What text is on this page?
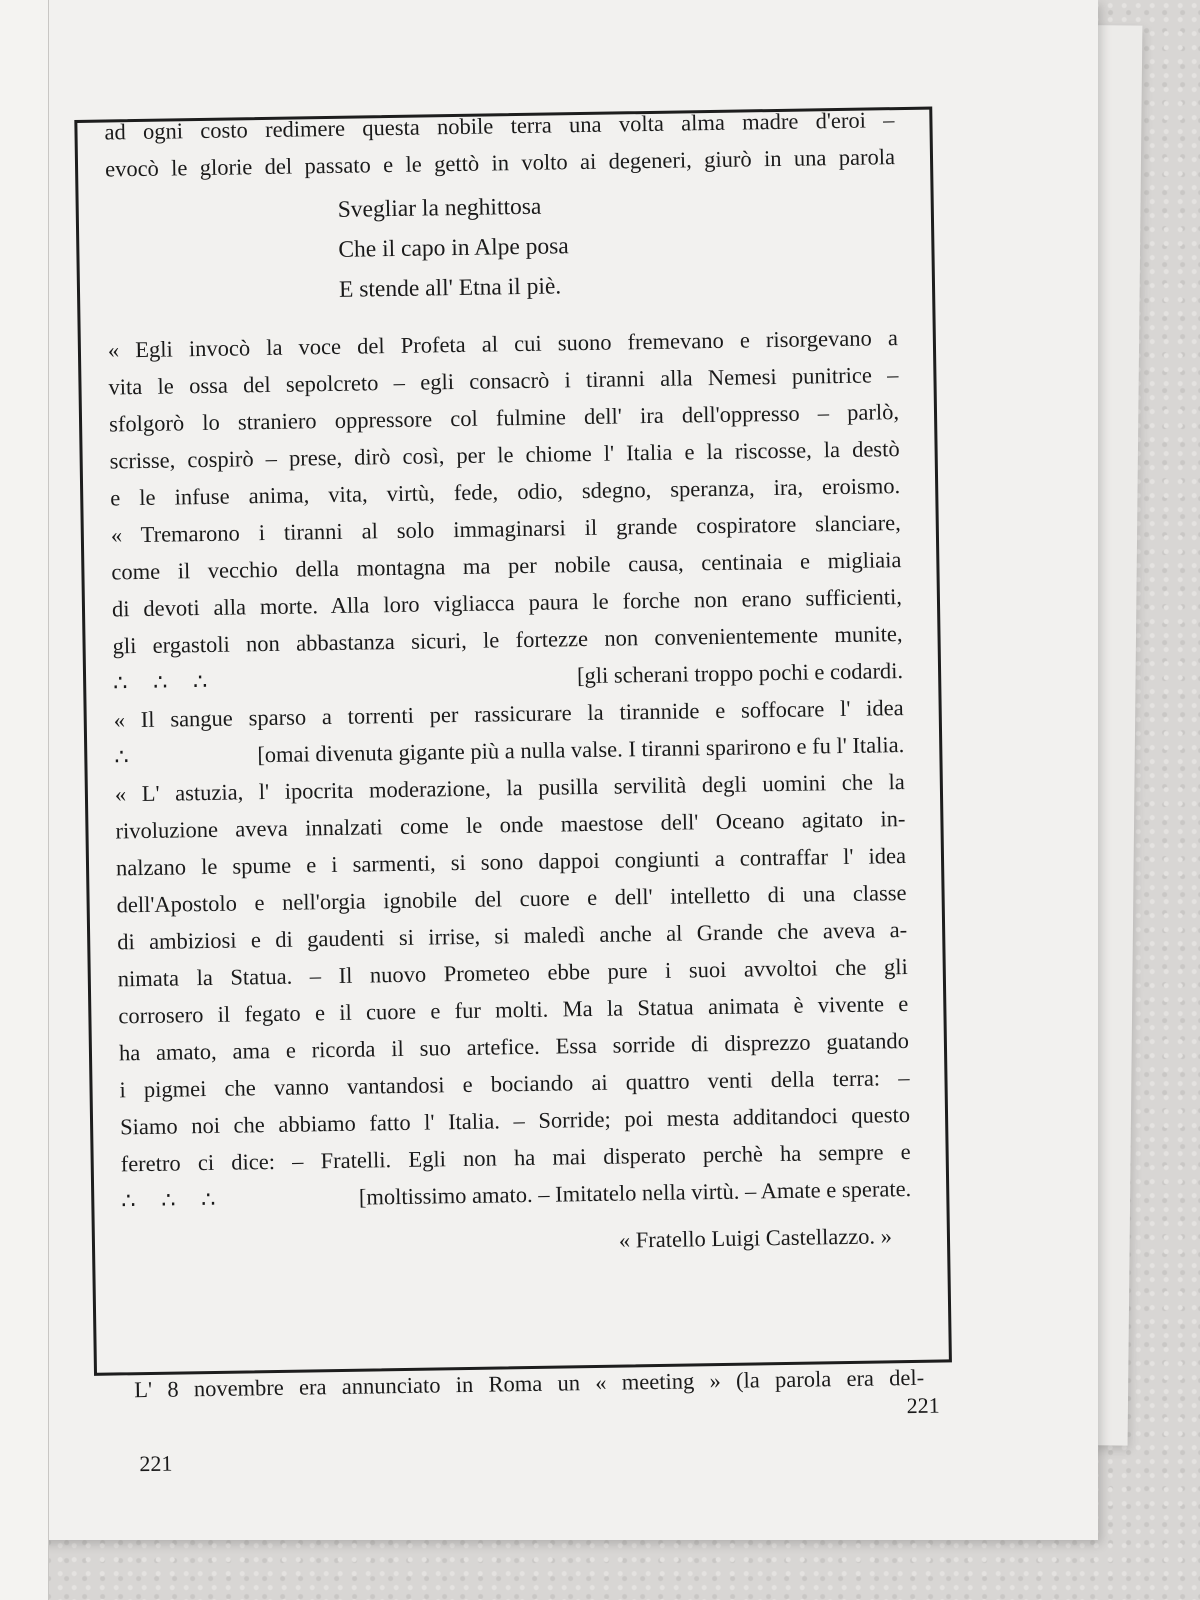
ad ogni costo redimere questa nobile terra una volta alma madre d'eroi –
evocò le glorie del passato e le gettò in volto ai degeneri, giurò in una parola
Svegliar la neghittosa
Che il capo in Alpe posa
E stende all' Etna il piè.
« Egli invocò la voce del Profeta al cui suono fremevano e risorgevano a
vita le ossa del sepolcreto – egli consacrò i tiranni alla Nemesi punitrice –
sfolgorò lo straniero oppressore col fulmine dell' ira dell'oppresso – parlò,
scrisse, cospirò – prese, dirò così, per le chiome l' Italia e la riscosse, la destò
e le infuse anima, vita, virtù, fede, odio, sdegno, speranza, ira, eroismo.
« Tremarono i tiranni al solo immaginarsi il grande cospiratore slanciare,
come il vecchio della montagna ma per nobile causa, centinaia e migliaia
di devoti alla morte. Alla loro vigliacca paura le forche non erano sufficienti,
gli ergastoli non abbastanza sicuri, le fortezze non convenientemente munite,
∴ ∴ ∴	[gli scherani troppo pochi e codardi.
« Il sangue sparso a torrenti per rassicurare la tirannide e soffocare l' idea
∴	[omai divenuta gigante più a nulla valse. I tiranni sparirono e fu l' Italia.
« L' astuzia, l' ipocrita moderazione, la pusilla servilità degli uomini che la
rivoluzione aveva innalzati come le onde maestose dell' Oceano agitato in-
nalzano le spume e i sarmenti, si sono dappoi congiunti a contraffar l' idea
dell'Apostolo e nell'orgia ignobile del cuore e dell' intelletto di una classe
di ambiziosi e di gaudenti si irrise, si maledì anche al Grande che aveva a-
nimata la Statua. – Il nuovo Prometeo ebbe pure i suoi avvoltoi che gli
corrosero il fegato e il cuore e fur molti. Ma la Statua animata è vivente e
ha amato, ama e ricorda il suo artefice. Essa sorride di disprezzo guatando
i pigmei che vanno vantandosi e bociando ai quattro venti della terra: –
Siamo noi che abbiamo fatto l' Italia. – Sorride; poi mesta additandoci questo
feretro ci dice: – Fratelli. Egli non ha mai disperato perchè ha sempre e
∴ ∴ ∴	[moltissimo amato. – Imitatelo nella virtù. – Amate e sperate.
« Fratello Luigi Castellazzo. »
L' 8 novembre era annunciato in Roma un « meeting » (la parola era del-
221
221
